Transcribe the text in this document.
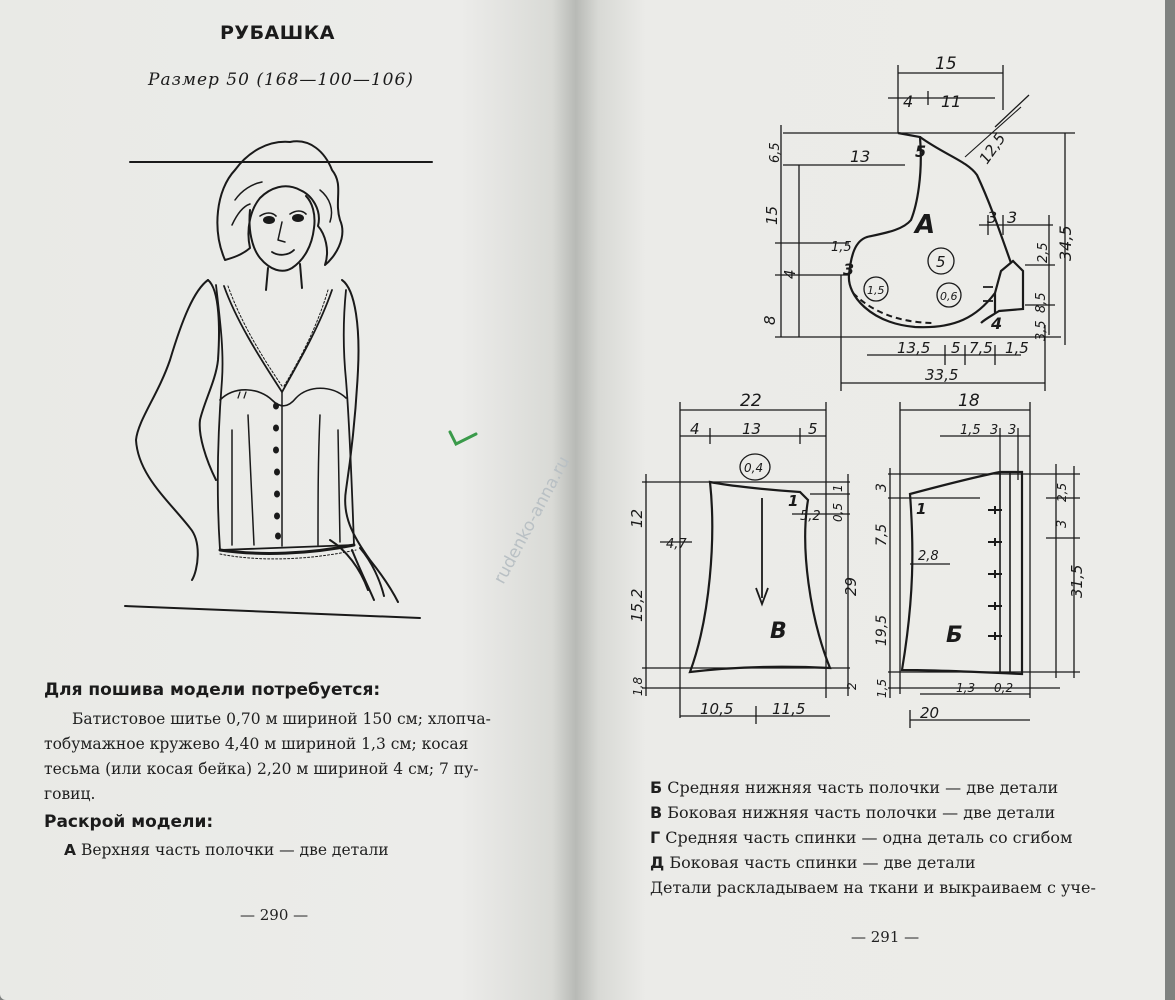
РУБАШКА
Размер 50 (168—100—106)
Для пошива модели потребуется:
Батистовое шитье 0,70 м шириной 150 см; хлопча-
тобумажное кружево 4,40 м шириной 1,3 см; косая
тесьма (или косая бейка) 2,20 м шириной 4 см; 7 пу-
говиц.
Раскрой модели:
А Верхняя часть полочки — две детали
— 290 —
15
4 11
13	12,5
6,5
15
1,5
4
8
3 3
2,5
8,5
3,5
34,5
13,5 5 7,5 1,5
33,5
А
5
3
4
5
1,5	0,6
22
4	13	5
0,4
5,2 0,5
1
12
4,7
15,2
1,8
29
2
10,5	11,5
1
В
18
1,5 3 3
3
7,5
19,5
1,5
2,8
2,5
3
31,5
1,3 0,2
20
1
Б
— 291 —
Б Средняя нижняя часть полочки — две детали
В Боковая нижняя часть полочки — две детали
Г Средняя часть спинки — одна деталь со сгибом
Д Боковая часть спинки — две детали
Детали раскладываем на ткани и выкраиваем с уче-
rudenko-anna.ru
